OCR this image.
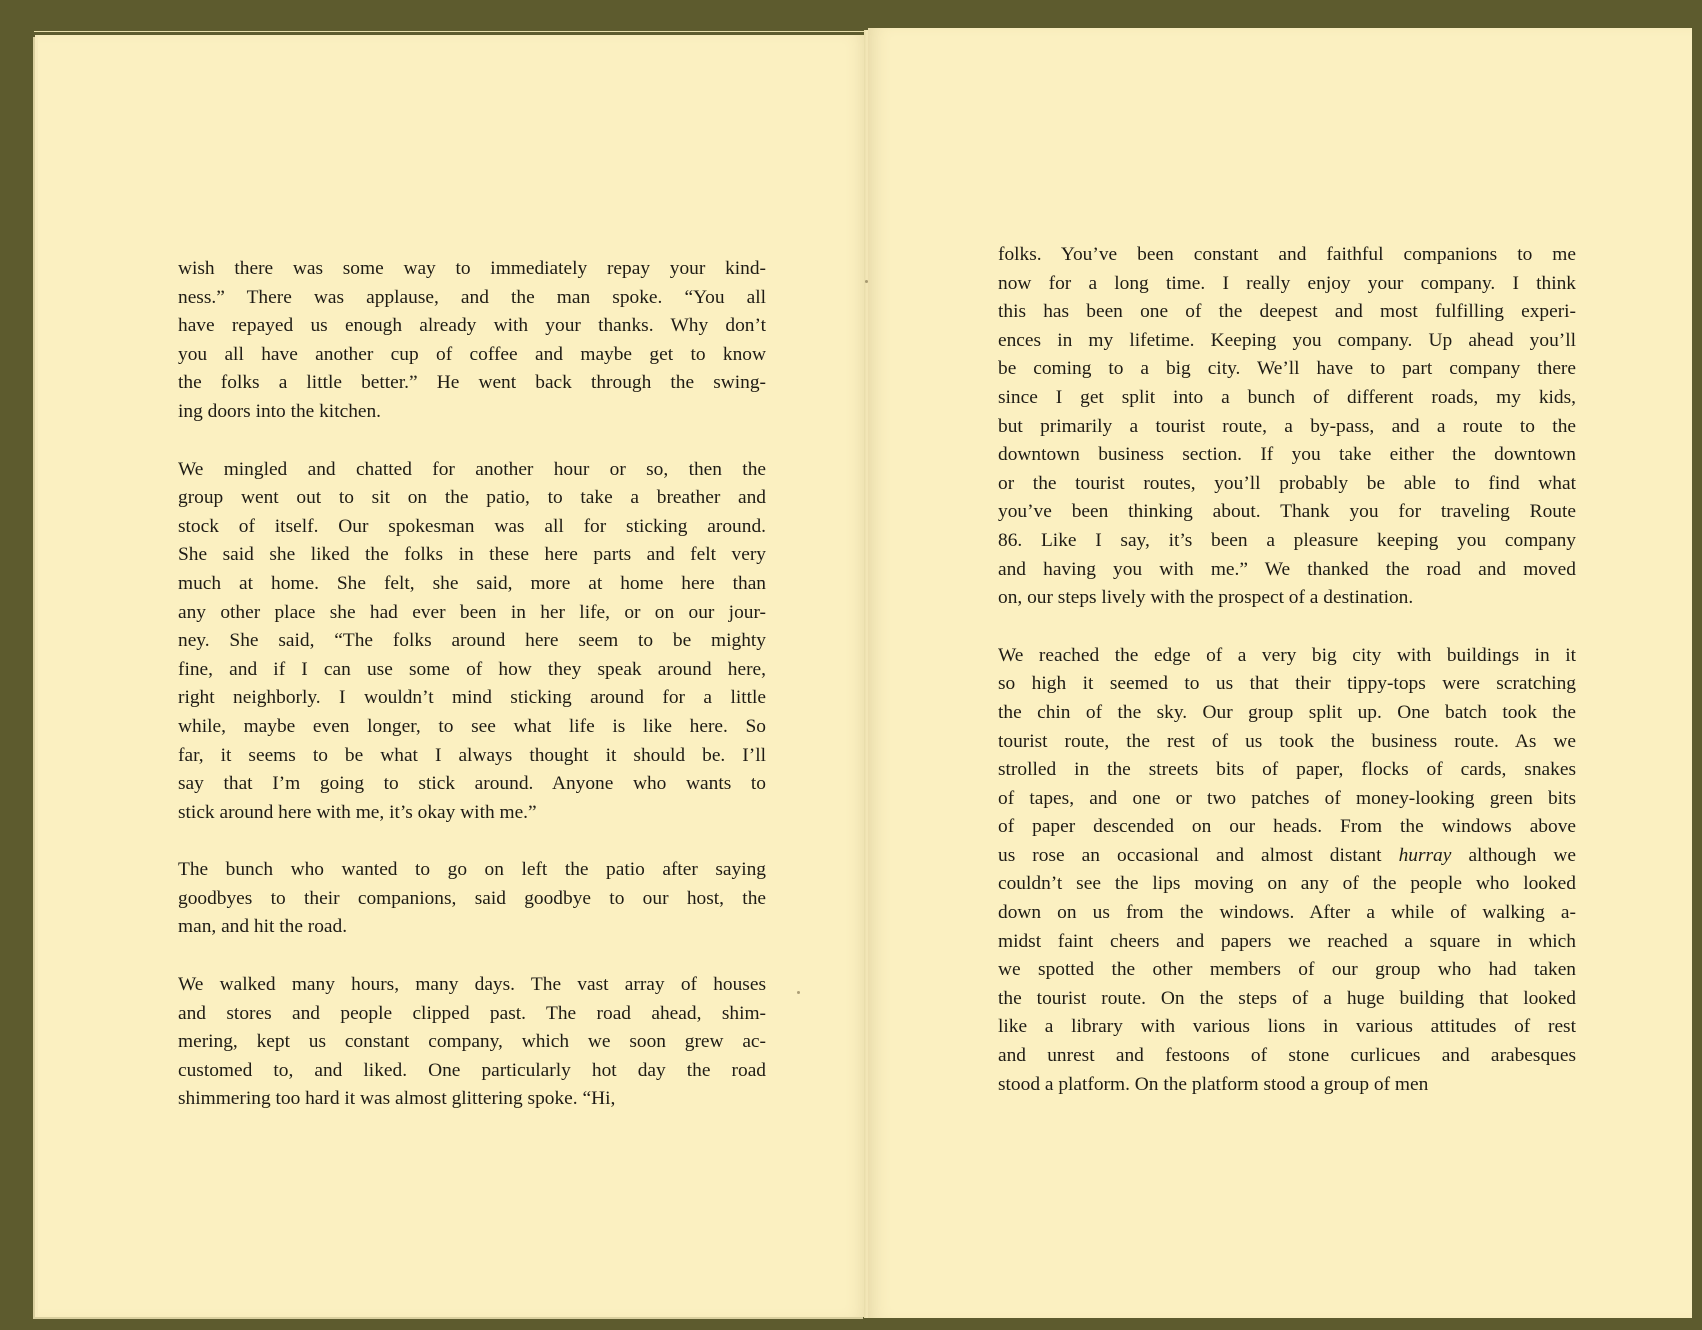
wish there was some way to immediately repay your kind-
ness.” There was applause, and the man spoke. “You all
have repayed us enough already with your thanks. Why don’t
you all have another cup of coffee and maybe get to know
the folks a little better.” He went back through the swing-
ing doors into the kitchen.
We mingled and chatted for another hour or so, then the
group went out to sit on the patio, to take a breather and
stock of itself. Our spokesman was all for sticking around.
She said she liked the folks in these here parts and felt very
much at home. She felt, she said, more at home here than
any other place she had ever been in her life, or on our jour-
ney. She said, “The folks around here seem to be mighty
fine, and if I can use some of how they speak around here,
right neighborly. I wouldn’t mind sticking around for a little
while, maybe even longer, to see what life is like here. So
far, it seems to be what I always thought it should be. I’ll
say that I’m going to stick around. Anyone who wants to
stick around here with me, it’s okay with me.”
The bunch who wanted to go on left the patio after saying
goodbyes to their companions, said goodbye to our host, the
man, and hit the road.
We walked many hours, many days. The vast array of houses
and stores and people clipped past. The road ahead, shim-
mering, kept us constant company, which we soon grew ac-
customed to, and liked. One particularly hot day the road
shimmering too hard it was almost glittering spoke. “Hi,
folks. You’ve been constant and faithful companions to me
now for a long time. I really enjoy your company. I think
this has been one of the deepest and most fulfilling experi-
ences in my lifetime. Keeping you company. Up ahead you’ll
be coming to a big city. We’ll have to part company there
since I get split into a bunch of different roads, my kids,
but primarily a tourist route, a by-pass, and a route to the
downtown business section. If you take either the downtown
or the tourist routes, you’ll probably be able to find what
you’ve been thinking about. Thank you for traveling Route
86. Like I say, it’s been a pleasure keeping you company
and having you with me.” We thanked the road and moved
on, our steps lively with the prospect of a destination.
We reached the edge of a very big city with buildings in it
so high it seemed to us that their tippy-tops were scratching
the chin of the sky. Our group split up. One batch took the
tourist route, the rest of us took the business route. As we
strolled in the streets bits of paper, flocks of cards, snakes
of tapes, and one or two patches of money-looking green bits
of paper descended on our heads. From the windows above
us rose an occasional and almost distant hurray although we
couldn’t see the lips moving on any of the people who looked
down on us from the windows. After a while of walking a-
midst faint cheers and papers we reached a square in which
we spotted the other members of our group who had taken
the tourist route. On the steps of a huge building that looked
like a library with various lions in various attitudes of rest
and unrest and festoons of stone curlicues and arabesques
stood a platform. On the platform stood a group of men
